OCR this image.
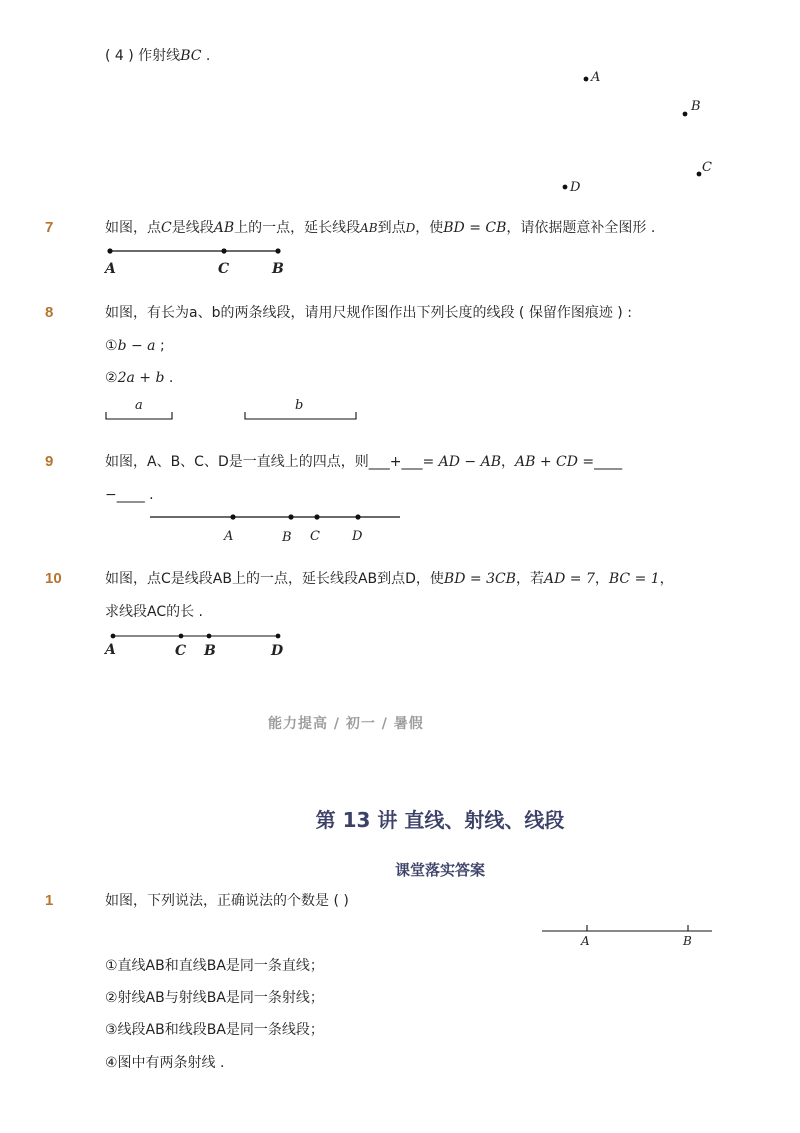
( 4 ) 作射线BC .
A
B
C
D
7	如图，点C是线段AB上的一点，延长线段AB到点D，使BD = CB，请依据题意补全图形 .
A	C	B
8	如图，有长为a、b的两条线段，请用尺规作图作出下列长度的线段 ( 保留作图痕迹 ) :
①b − a ;
②2a + b .
a	b
9	如图，A、B、C、D是一直线上的四点，则___+___= AD − AB，AB + CD =____
−____ .
A	B C D
10	如图，点C是线段AB上的一点，延长线段AB到点D，使BD = 3CB，若AD = 7，BC = 1，
求线段AC的长 .
A	C B	D
能力提高 / 初一 / 暑假
第 13 讲 直线、射线、线段
课堂落实答案
1	如图，下列说法，正确说法的个数是 ( )
A	B
①直线AB和直线BA是同一条直线；
②射线AB与射线BA是同一条射线；
③线段AB和线段BA是同一条线段；
④图中有两条射线 .
